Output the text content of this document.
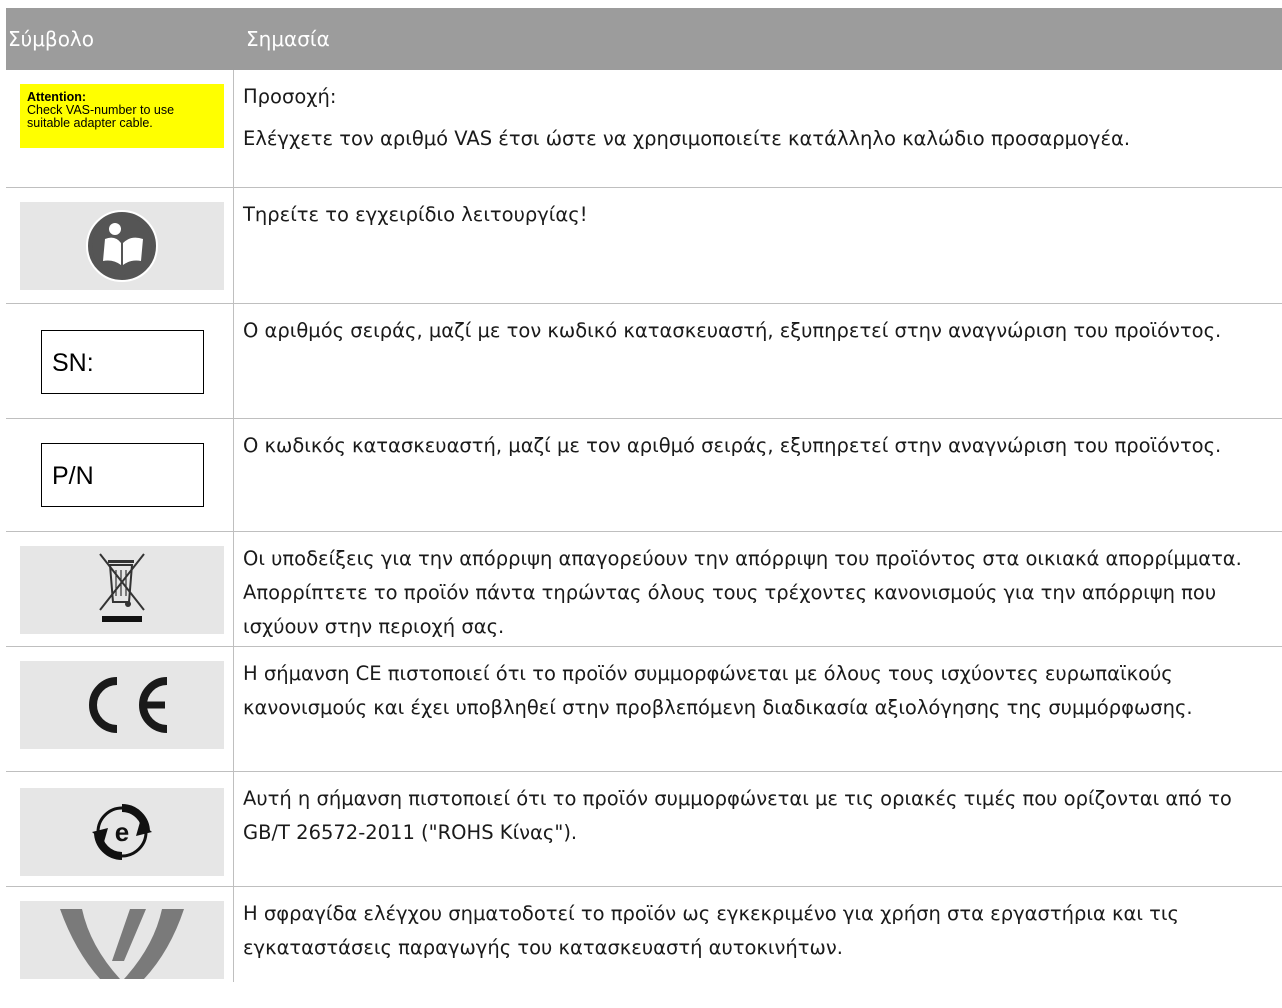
Σύμβολο	Σημασία
Attention:
Check VAS-number to use
suitable adapter cable.

Προσοχή:

Ελέγχετε τον αριθμό VAS έτσι ώστε να χρησιμοποιείτε κατάλληλο καλώδιο προσαρμογέα.

Τηρείτε το εγχειρίδιο λειτουργίας!

SN:

Ο αριθμός σειράς, μαζί με τον κωδικό κατασκευαστή, εξυπηρετεί στην αναγνώριση του προϊόντος.

P/N

Ο κωδικός κατασκευαστή, μαζί με τον αριθμό σειράς, εξυπηρετεί στην αναγνώριση του προϊόντος.

Οι υποδείξεις για την απόρριψη απαγορεύουν την απόρριψη του προϊόντος στα οικιακά απορρίμματα. Απορρίπτετε το προϊόν πάντα τηρώντας όλους τους τρέχοντες κανονισμούς για την απόρριψη που ισχύουν στην περιοχή σας.

Η σήμανση CE πιστοποιεί ότι το προϊόν συμμορφώνεται με όλους τους ισχύοντες ευρωπαϊκούς κανονισμούς και έχει υποβληθεί στην προβλεπόμενη διαδικασία αξιολόγησης της συμμόρφωσης.

e

Αυτή η σήμανση πιστοποιεί ότι το προϊόν συμμορφώνεται με τις οριακές τιμές που ορίζονται από το GB/T 26572-2011 ("ROHS Κίνας").

Η σφραγίδα ελέγχου σηματοδοτεί το προϊόν ως εγκεκριμένο για χρήση στα εργαστήρια και τις εγκαταστάσεις παραγωγής του κατασκευαστή αυτοκινήτων.
